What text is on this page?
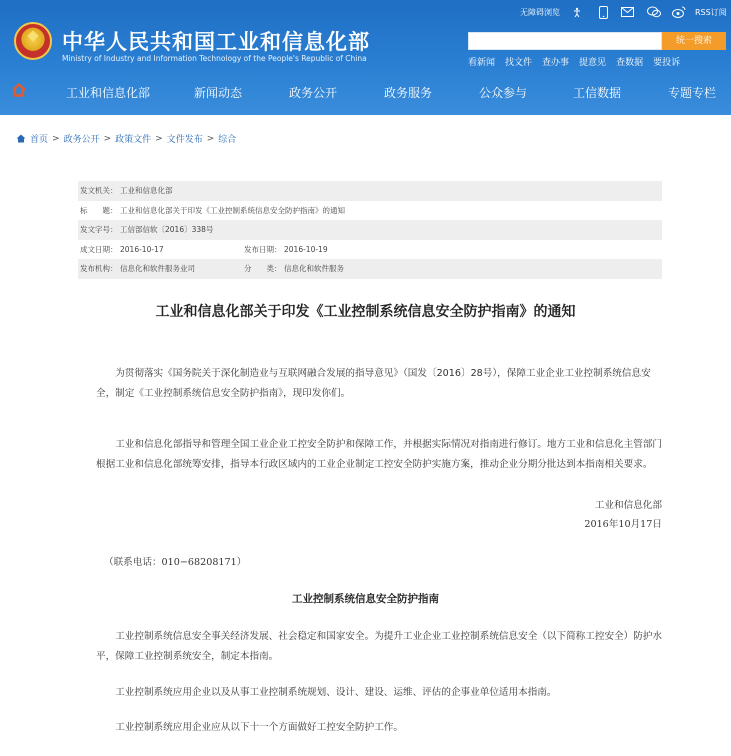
无障碍浏览	RSS订阅
中华人民共和国工业和信息化部
Ministry of Industry and Information Technology of the People's Republic of China
统一搜索
看新闻 找文件 查办事 提意见 查数据 要投诉
工业和信息化部	新闻动态	政务公开	政务服务	公众参与	工信数据	专题专栏
首页 > 政务公开 > 政策文件 > 文件发布 > 综合
发文机关： 工业和信息化部
标　　题： 工业和信息化部关于印发《工业控制系统信息安全防护指南》的通知
发文字号： 工信部信软〔2016〕338号
成文日期： 2016-10-17	发布日期： 2016-10-19
发布机构： 信息化和软件服务业司	分　　类： 信息化和软件服务
工业和信息化部关于印发《工业控制系统信息安全防护指南》的通知
为贯彻落实《国务院关于深化制造业与互联网融合发展的指导意见》（国发〔2016〕28号），保障工业企业工业控制系统信息安全，制定《工业控制系统信息安全防护指南》，现印发你们。
工业和信息化部指导和管理全国工业企业工控安全防护和保障工作，并根据实际情况对指南进行修订。地方工业和信息化主管部门根据工业和信息化部统筹安排，指导本行政区域内的工业企业制定工控安全防护实施方案，推动企业分期分批达到本指南相关要求。
工业和信息化部
2016年10月17日
（联系电话：010−68208171）
工业控制系统信息安全防护指南
工业控制系统信息安全事关经济发展、社会稳定和国家安全。为提升工业企业工业控制系统信息安全（以下简称工控安全）防护水平，保障工业控制系统安全，制定本指南。
工业控制系统应用企业以及从事工业控制系统规划、设计、建设、运维、评估的企事业单位适用本指南。
工业控制系统应用企业应从以下十一个方面做好工控安全防护工作。
